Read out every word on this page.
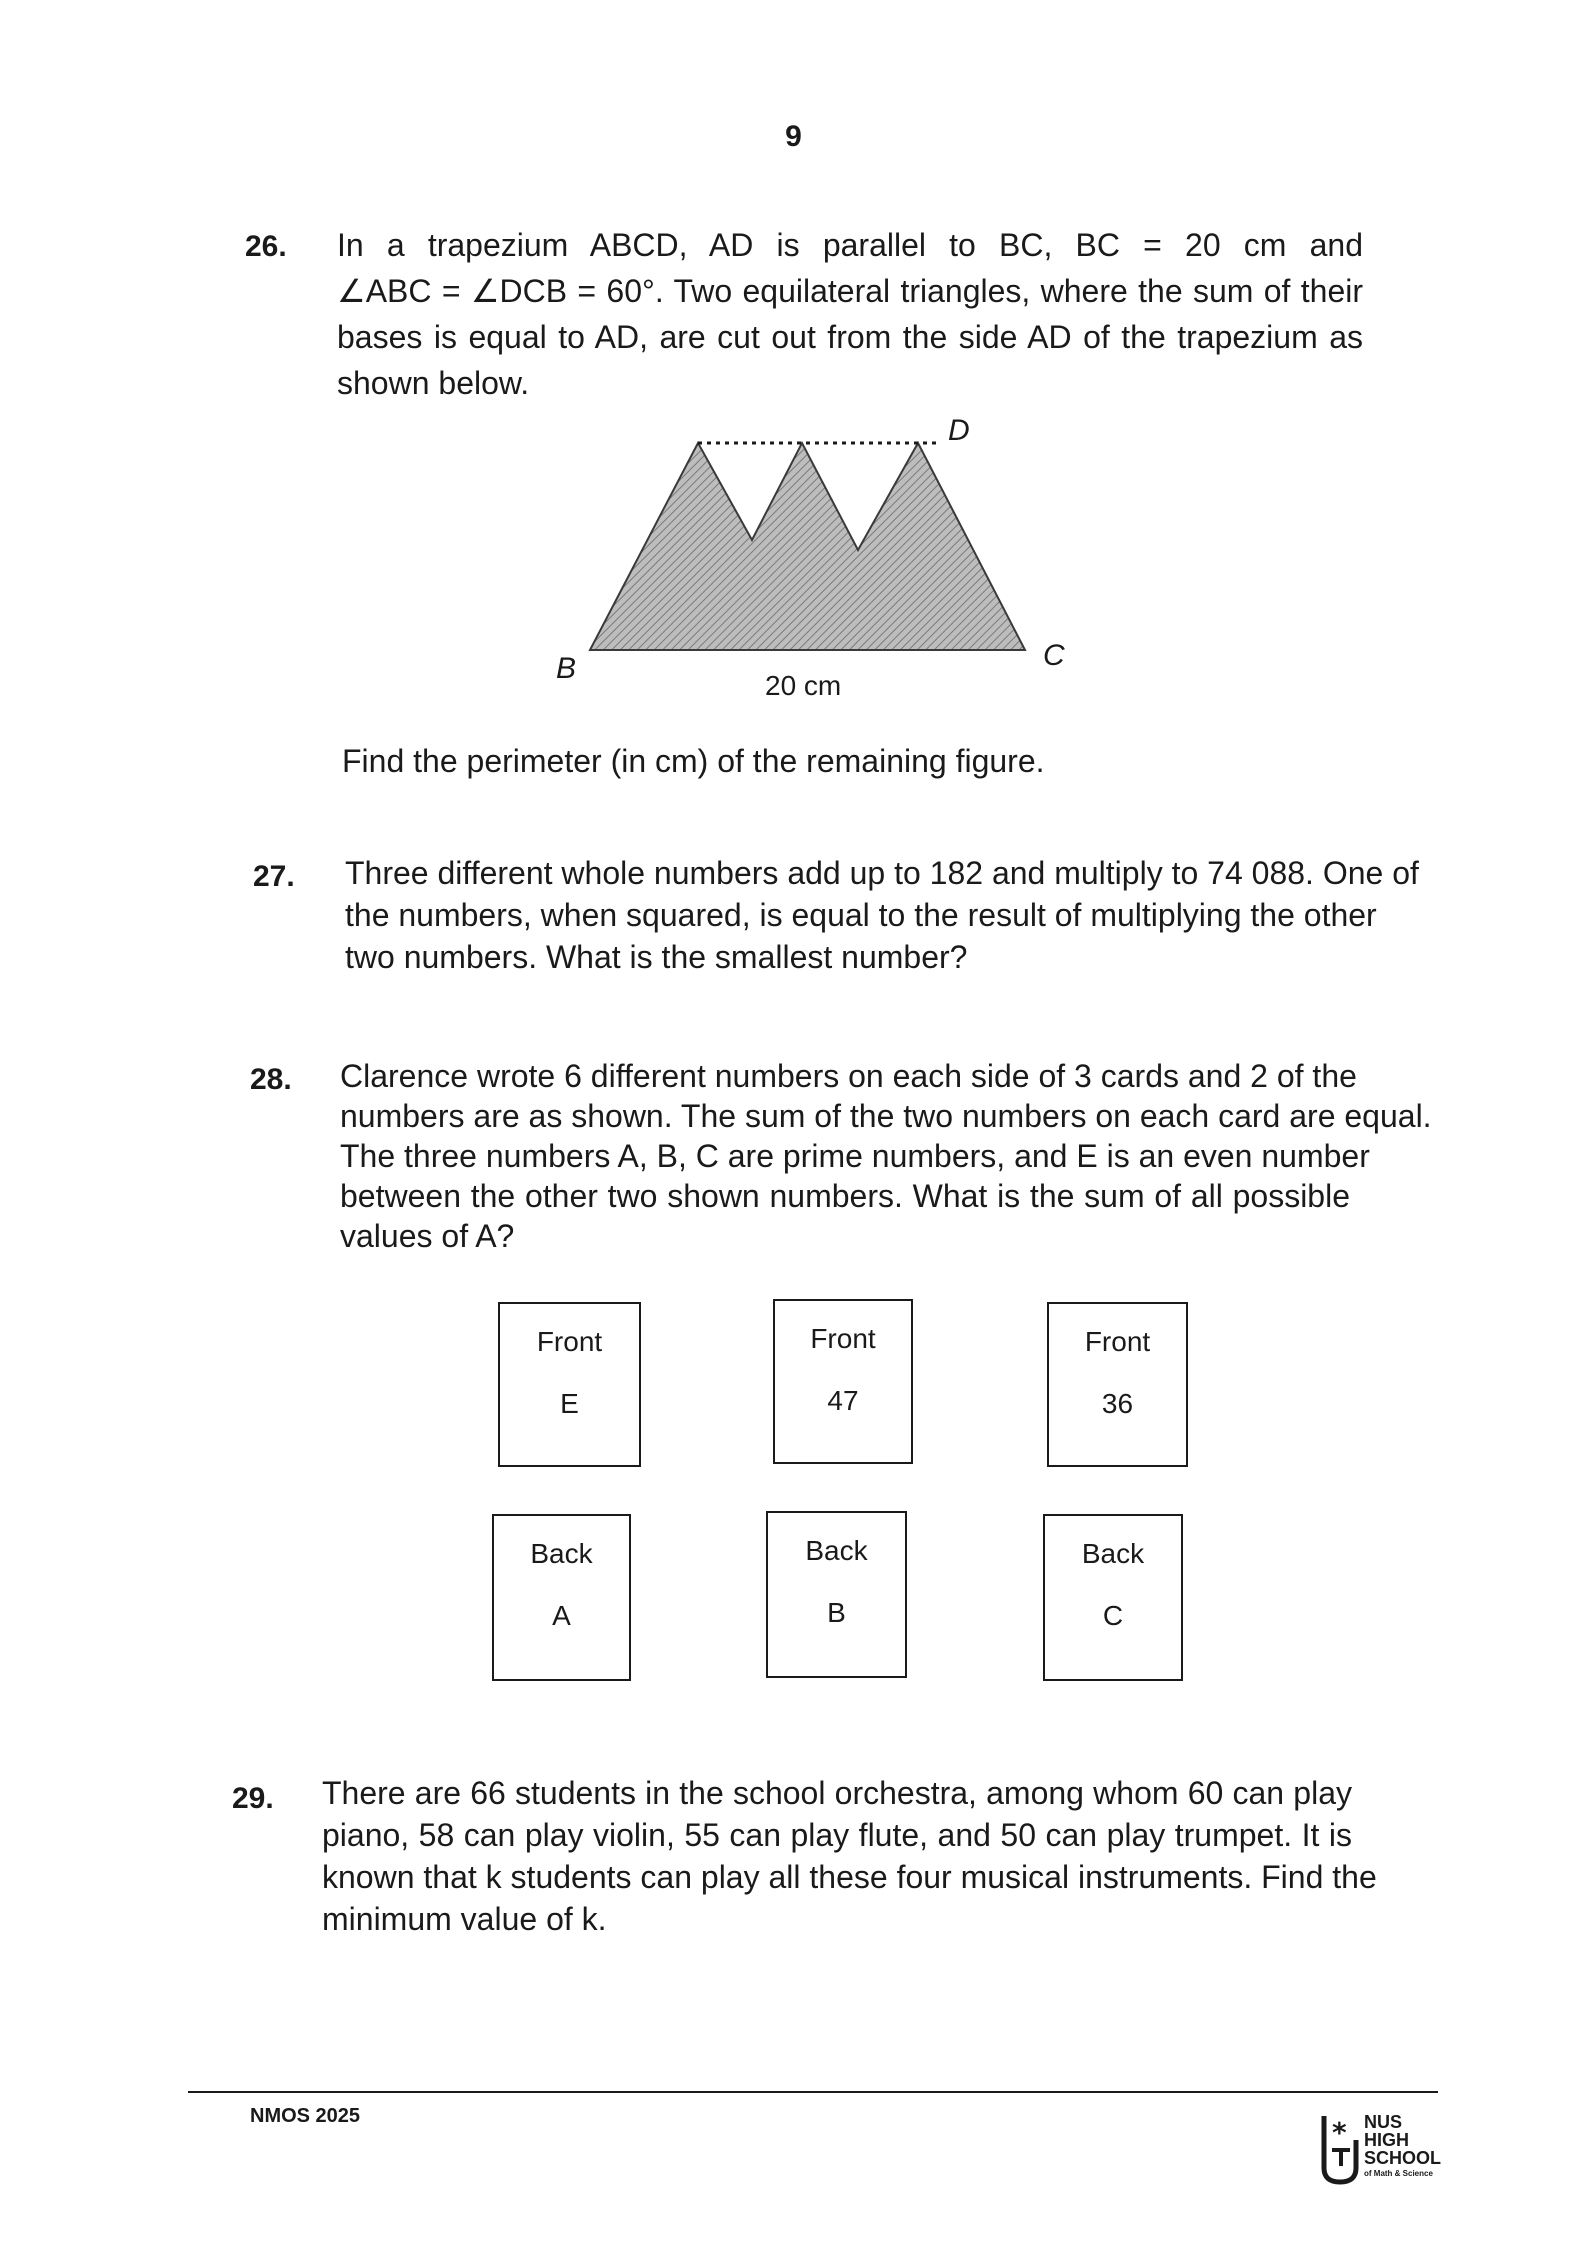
9
26. In a trapezium ABCD, AD is parallel to BC, BC = 20 cm and
∠ABC = ∠DCB = 60°. Two equilateral triangles, where the sum of their
bases is equal to AD, are cut out from the side AD of the trapezium as
shown below.
D
B	C
20 cm
Find the perimeter (in cm) of the remaining figure.
27. Three different whole numbers add up to 182 and multiply to 74 088. One of
the numbers, when squared, is equal to the result of multiplying the other
two numbers. What is the smallest number?
28. Clarence wrote 6 different numbers on each side of 3 cards and 2 of the
numbers are as shown. The sum of the two numbers on each card are equal.
The three numbers A, B, C are prime numbers, and E is an even number
between the other two shown numbers. What is the sum of all possible
values of A?
Front
E
Front
47
Front
36
Back
A
Back
B
Back
C
29. There are 66 students in the school orchestra, among whom 60 can play
piano, 58 can play violin, 55 can play flute, and 50 can play trumpet. It is
known that k students can play all these four musical instruments. Find the
minimum value of k.
NMOS 2025	* NUS
HIGH
SCHOOL
of Math & Science
